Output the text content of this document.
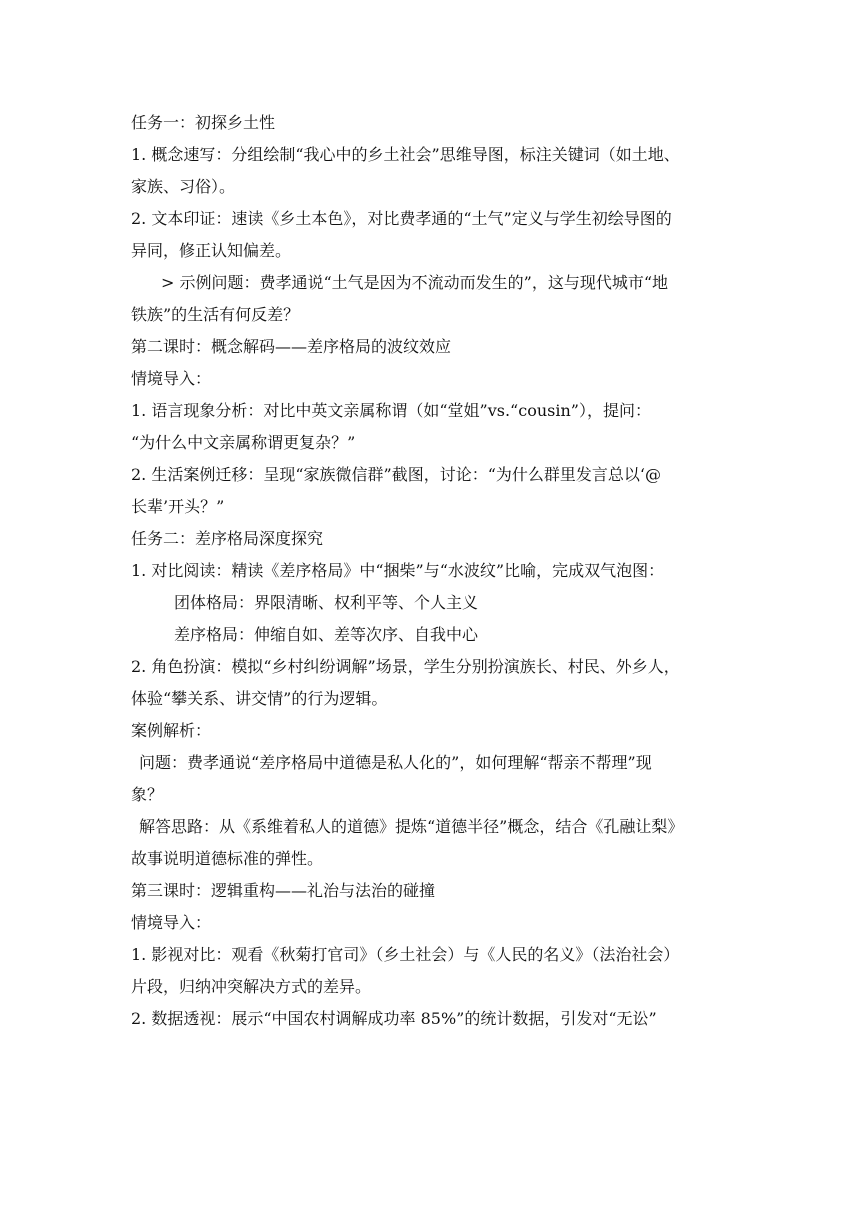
任务一：初探乡土性
1. 概念速写：分组绘制“我心中的乡土社会”思维导图，标注关键词（如土地、
家族、习俗）。
2. 文本印证：速读《乡土本色》，对比费孝通的“土气”定义与学生初绘导图的
异同，修正认知偏差。
> 示例问题：费孝通说“土气是因为不流动而发生的”，这与现代城市“地
铁族”的生活有何反差？
第二课时：概念解码——差序格局的波纹效应
情境导入：
1. 语言现象分析：对比中英文亲属称谓（如“堂姐”vs.“cousin”），提问：
“为什么中文亲属称谓更复杂？”
2. 生活案例迁移：呈现“家族微信群”截图，讨论：“为什么群里发言总以‘@
长辈’开头？”
任务二：差序格局深度探究
1. 对比阅读：精读《差序格局》中“捆柴”与“水波纹”比喻，完成双气泡图：
团体格局：界限清晰、权利平等、个人主义
差序格局：伸缩自如、差等次序、自我中心
2. 角色扮演：模拟“乡村纠纷调解”场景，学生分别扮演族长、村民、外乡人，
体验“攀关系、讲交情”的行为逻辑。
案例解析：
问题：费孝通说“差序格局中道德是私人化的”，如何理解“帮亲不帮理”现
象？
解答思路：从《系维着私人的道德》提炼“道德半径”概念，结合《孔融让梨》
故事说明道德标准的弹性。
第三课时：逻辑重构——礼治与法治的碰撞
情境导入：
1. 影视对比：观看《秋菊打官司》（乡土社会）与《人民的名义》（法治社会）
片段，归纳冲突解决方式的差异。
2. 数据透视：展示“中国农村调解成功率 85%”的统计数据，引发对“无讼”
